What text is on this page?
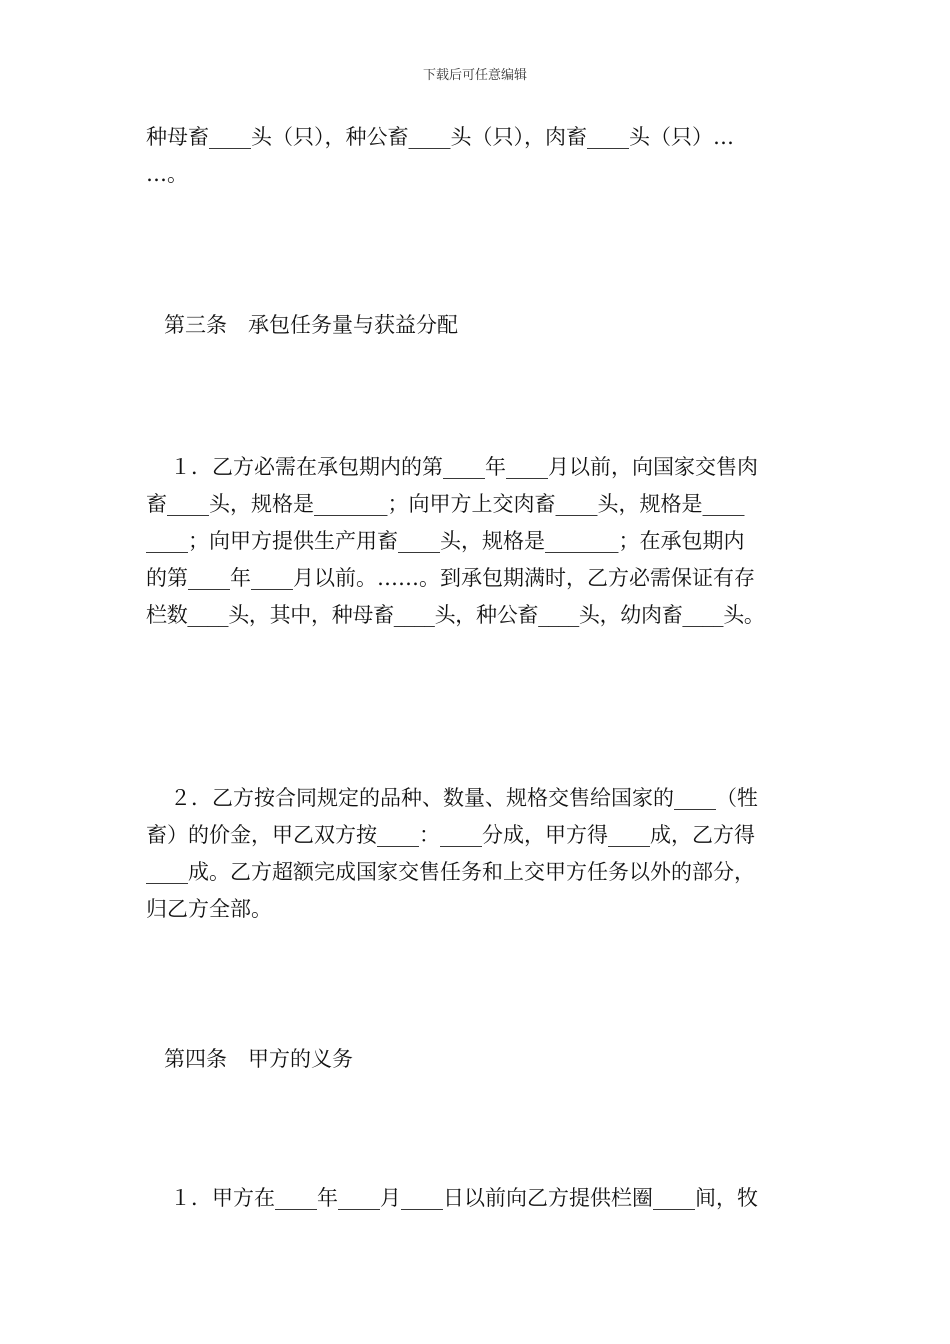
下载后可任意编辑
种母畜____头（只），种公畜____头（只），肉畜____头（只）…
…。
第三条　承包任务量与获益分配
１．乙方必需在承包期内的第____年____月以前，向国家交售肉
畜____头，规格是_______；向甲方上交肉畜____头，规格是____
____；向甲方提供生产用畜____头，规格是_______；在承包期内
的第____年____月以前。……。到承包期满时，乙方必需保证有存
栏数____头，其中，种母畜____头，种公畜____头，幼肉畜____头。
２．乙方按合同规定的品种、数量、规格交售给国家的____（牲
畜）的价金，甲乙双方按____：____分成，甲方得____成，乙方得
____成。乙方超额完成国家交售任务和上交甲方任务以外的部分，
归乙方全部。
第四条　甲方的义务
１．甲方在____年____月____日以前向乙方提供栏圈____间，牧
